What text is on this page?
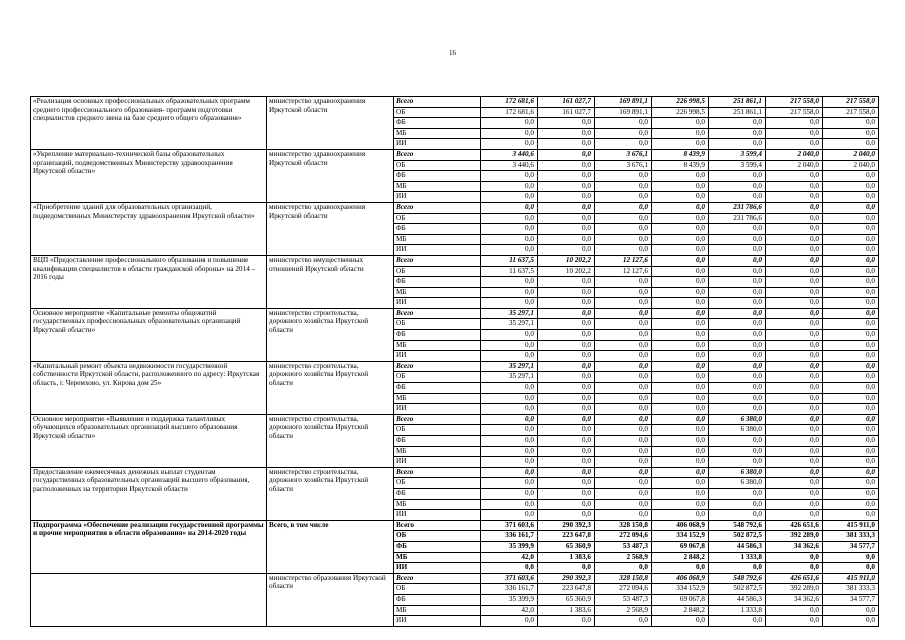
16
«Реализация основных профессиональных образовательных программ среднего профессионального образования- программ подготовки специалистов среднего звена на базе среднего общего образования»	министерство здравоохранения Иркутской области	Всего	172 681,6	161 027,7	169 891,1	226 998,5	251 861,1	217 558,0	217 558,0
		ОБ	172 681,6	161 027,7	169 891,1	226 998,5	251 861,1	217 558,0	217 558,0
		ФБ	0,0	0,0	0,0	0,0	0,0	0,0	0,0
		МБ	0,0	0,0	0,0	0,0	0,0	0,0	0,0
		ИИ	0,0	0,0	0,0	0,0	0,0	0,0	0,0
«Укрепление материально-технической базы образовательных организаций, подведомственных Министерству здравоохранения Иркутской области»	министерство здравоохранения Иркутской области	Всего	3 440,6	0,0	3 676,1	8 439,9	3 599,4	2 040,0	2 040,0
		ОБ	3 440,6	0,0	3 676,1	8 439,9	3 599,4	2 040,0	2 040,0
		ФБ	0,0	0,0	0,0	0,0	0,0	0,0	0,0
		МБ	0,0	0,0	0,0	0,0	0,0	0,0	0,0
		ИИ	0,0	0,0	0,0	0,0	0,0	0,0	0,0
«Приобретение зданий для образовательных организаций, подведомственных Министерству здравоохранения Иркутской области»	министерство здравоохранения Иркутской области	Всего	0,0	0,0	0,0	0,0	231 786,6	0,0	0,0
		ОБ	0,0	0,0	0,0	0,0	231 786,6	0,0	0,0
		ФБ	0,0	0,0	0,0	0,0	0,0	0,0	0,0
		МБ	0,0	0,0	0,0	0,0	0,0	0,0	0,0
		ИИ	0,0	0,0	0,0	0,0	0,0	0,0	0,0
ВЦП «Предоставление профессионального образования и повышение квалификации специалистов в области гражданской обороны» на 2014 – 2016 годы	министерство имущественных отношений Иркутской области	Всего	11 637,5	10 202,2	12 127,6	0,0	0,0	0,0	0,0
		ОБ	11 637,5	10 202,2	12 127,6	0,0	0,0	0,0	0,0
		ФБ	0,0	0,0	0,0	0,0	0,0	0,0	0,0
		МБ	0,0	0,0	0,0	0,0	0,0	0,0	0,0
		ИИ	0,0	0,0	0,0	0,0	0,0	0,0	0,0
Основное мероприятие «Капитальные ремонты общежитий государственных профессиональных образовательных организаций Иркутской области»	министерство строительства, дорожного хозяйства Иркутской области	Всего	35 297,1	0,0	0,0	0,0	0,0	0,0	0,0
		ОБ	35 297,1	0,0	0,0	0,0	0,0	0,0	0,0
		ФБ	0,0	0,0	0,0	0,0	0,0	0,0	0,0
		МБ	0,0	0,0	0,0	0,0	0,0	0,0	0,0
		ИИ	0,0	0,0	0,0	0,0	0,0	0,0	0,0
«Капитальный ремонт объекта недвижимости государственной собственности Иркутской области, расположенного по адресу: Иркутская область, г. Черемхово, ул. Кирова дом 25»	министерство строительства, дорожного хозяйства Иркутской области	Всего	35 297,1	0,0	0,0	0,0	0,0	0,0	0,0
		ОБ	35 297,1	0,0	0,0	0,0	0,0	0,0	0,0
		ФБ	0,0	0,0	0,0	0,0	0,0	0,0	0,0
		МБ	0,0	0,0	0,0	0,0	0,0	0,0	0,0
		ИИ	0,0	0,0	0,0	0,0	0,0	0,0	0,0
Основное мероприятие «Выявление и поддержка талантливых обучающихся образовательных организаций высшего образования Иркутской области»	министерство строительства, дорожного хозяйства Иркутской области	Всего	0,0	0,0	0,0	0,0	6 380,0	0,0	0,0
		ОБ	0,0	0,0	0,0	0,0	6 380,0	0,0	0,0
		ФБ	0,0	0,0	0,0	0,0	0,0	0,0	0,0
		МБ	0,0	0,0	0,0	0,0	0,0	0,0	0,0
		ИИ	0,0	0,0	0,0	0,0	0,0	0,0	0,0
Предоставление ежемесячных денежных выплат студентам государственных образовательных организаций высшего образования, расположенных на территории Иркутской области	министерство строительства, дорожного хозяйства Иркутской области	Всего	0,0	0,0	0,0	0,0	6 380,0	0,0	0,0
		ОБ	0,0	0,0	0,0	0,0	6 380,0	0,0	0,0
		ФБ	0,0	0,0	0,0	0,0	0,0	0,0	0,0
		МБ	0,0	0,0	0,0	0,0	0,0	0,0	0,0
		ИИ	0,0	0,0	0,0	0,0	0,0	0,0	0,0
Подпрограмма «Обеспечение реализации государственной программы и прочие мероприятия в области образования» на 2014-2020 годы	Всего, в том числе	Всего	371 603,6	290 392,3	328 150,8	406 068,9	548 792,6	426 651,6	415 911,0
		ОБ	336 161,7	223 647,8	272 094,6	334 152,9	502 872,5	392 289,0	381 333,3
		ФБ	35 399,9	65 360,9	53 487,3	69 067,8	44 586,3	34 362,6	34 577,7
		МБ	42,0	1 383,6	2 568,9	2 848,2	1 333,8	0,0	0,0
		ИИ	0,0	0,0	0,0	0,0	0,0	0,0	0,0
	министерство образования Иркутской области	Всего	371 603,6	290 392,3	328 150,8	406 068,9	548 792,6	426 651,6	415 911,0
		ОБ	336 161,7	223 647,8	272 094,6	334 152,9	502 872,5	392 289,0	381 333,3
		ФБ	35 399,9	65 360,9	53 487,3	69 067,8	44 586,3	34 362,6	34 577,7
		МБ	42,0	1 383,6	2 568,9	2 848,2	1 333,8	0,0	0,0
		ИИ	0,0	0,0	0,0	0,0	0,0	0,0	0,0
